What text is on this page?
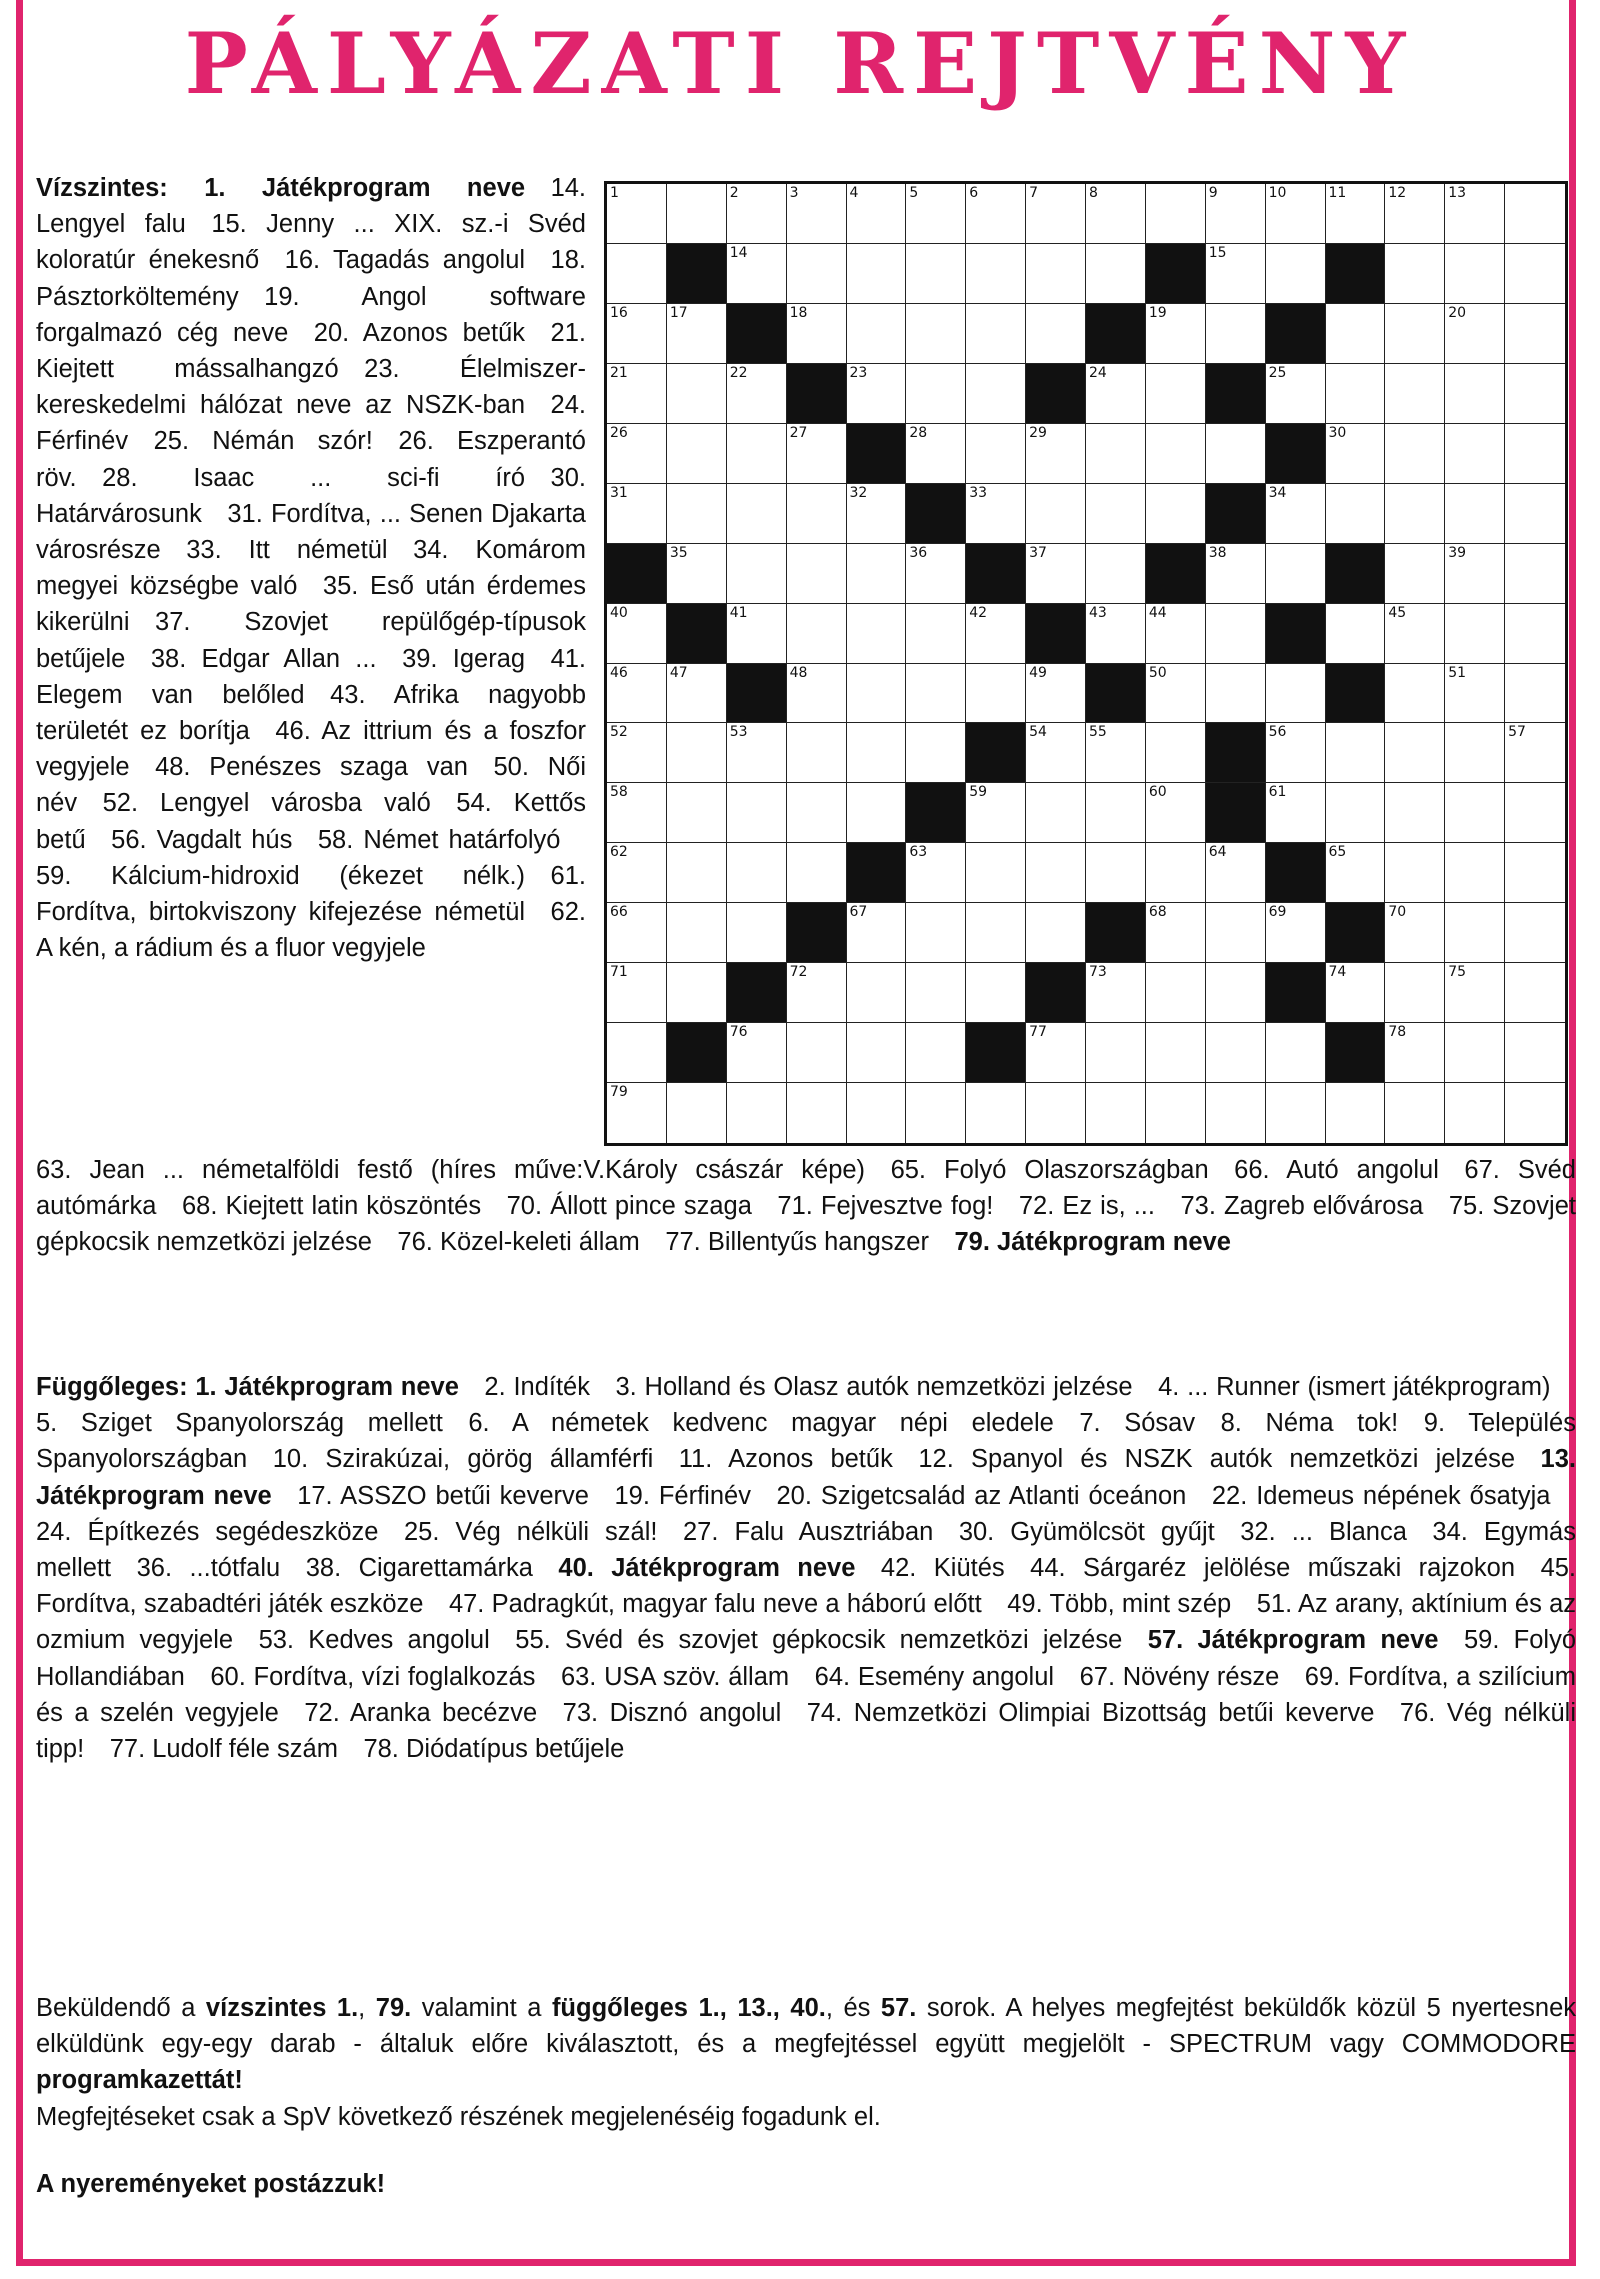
PÁLYÁZATI REJTVÉNY
Vízszintes: 1. Játékprogram neve  14. Lengyel falu  15. Jenny ... XIX. sz.-i Svéd koloratúr énekesnő  16. Tagadás angolul  18. Pásztorköltemény  19. Angol software forgalmazó cég neve  20. Azonos betűk  21. Kiejtett mássalhangzó  23. Élelmiszer-kereskedelmi hálózat neve az NSZK-ban  24. Férfinév  25. Némán szór!  26. Eszperantó röv.  28. Isaac ... sci-fi író  30. Határvárosunk  31. Fordítva, ... Senen Djakarta városrésze  33. Itt németül  34. Komárom megyei községbe való  35. Eső után érdemes kikerülni  37. Szovjet repülőgép-típusok betűjele  38. Edgar Allan ...  39. Igerag  41. Elegem van belőled  43. Afrika nagyobb területét ez borítja  46. Az ittrium és a foszfor vegyjele  48. Penészes szaga van  50. Női név  52. Lengyel városba való  54. Kettős betű  56. Vagdalt hús  58. Német határfolyó 59. Kálcium-hidroxid (ékezet nélk.)  61. Fordítva, birtokviszony kifejezése németül  62. A kén, a rádium és a fluor vegyjele 
63. Jean ... németalföldi festő (híres műve:V.Károly császár képe)  65. Folyó Olaszországban  66. Autó angolul  67. Svéd autómárka  68. Kiejtett latin köszöntés  70. Állott pince szaga  71. Fejvesztve fog!  72. Ez is, ...  73. Zagreb elővárosa  75. Szovjet gépkocsik nemzetközi jelzése  76. Közel-keleti állam  77. Billentyűs hangszer  79. Játékprogram neve 
1	2	3	4	5	6	7	8	9	10	11	12	13
14	15
16	17	18	19	20
21	22	23	24	25
26	27	28	29	30
31	32	33	34
35	36	37	38	39
40	41	42	43	44	45
46	47	48	49	50	51
52	53	54	55	56	57
58	59	60	61
62	63	64	65
66	67	68	69	70
71	72	73	74	75
76	77	78
79
Függőleges: 1. Játékprogram neve  2. Indíték  3. Holland és Olasz autók nemzetközi jelzése  4. ... Runner (ismert játékprogram) 5. Sziget Spanyolország mellett  6. A németek kedvenc magyar népi eledele  7. Sósav  8. Néma tok!  9. Település Spanyolországban  10. Szirakúzai, görög államférfi  11. Azonos betűk  12. Spanyol és NSZK autók nemzetközi jelzése  13. Játékprogram neve  17. ASSZO betűi keverve  19. Férfinév  20. Szigetcsalád az Atlanti óceánon  22. Idemeus népének ősatyja 24. Építkezés segédeszköze  25. Vég nélküli szál!  27. Falu Ausztriában  30. Gyümölcsöt gyűjt  32. ... Blanca  34. Egymás mellett  36. ...tótfalu  38. Cigarettamárka  40. Játékprogram neve  42. Kiütés  44. Sárgaréz jelölése műszaki rajzokon  45. Fordítva, szabadtéri játék eszköze  47. Padragkút, magyar falu neve a háború előtt  49. Több, mint szép  51. Az arany, aktínium és az ozmium vegyjele  53. Kedves angolul  55. Svéd és szovjet gépkocsik nemzetközi jelzése  57. Játékprogram neve  59. Folyó Hollandiában  60. Fordítva, vízi foglalkozás  63. USA szöv. állam  64. Esemény angolul  67. Növény része  69. Fordítva, a szilícium és a szelén vegyjele  72. Aranka becézve  73. Disznó angolul  74. Nemzetközi Olimpiai Bizottság betűi keverve  76. Vég nélküli tipp!  77. Ludolf féle szám  78. Diódatípus betűjele 
Beküldendő a vízszintes 1., 79. valamint a függőleges 1., 13., 40., és 57. sorok. A helyes megfejtést beküldők közül 5 nyertesnek elküldünk egy-egy darab - általuk előre kiválasztott, és a megfejtéssel együtt megjelölt - SPECTRUM vagy COMMODORE programkazettát!
Megfejtéseket csak a SpV következő részének megjelenéséig fogadunk el.
A nyereményeket postázzuk!
